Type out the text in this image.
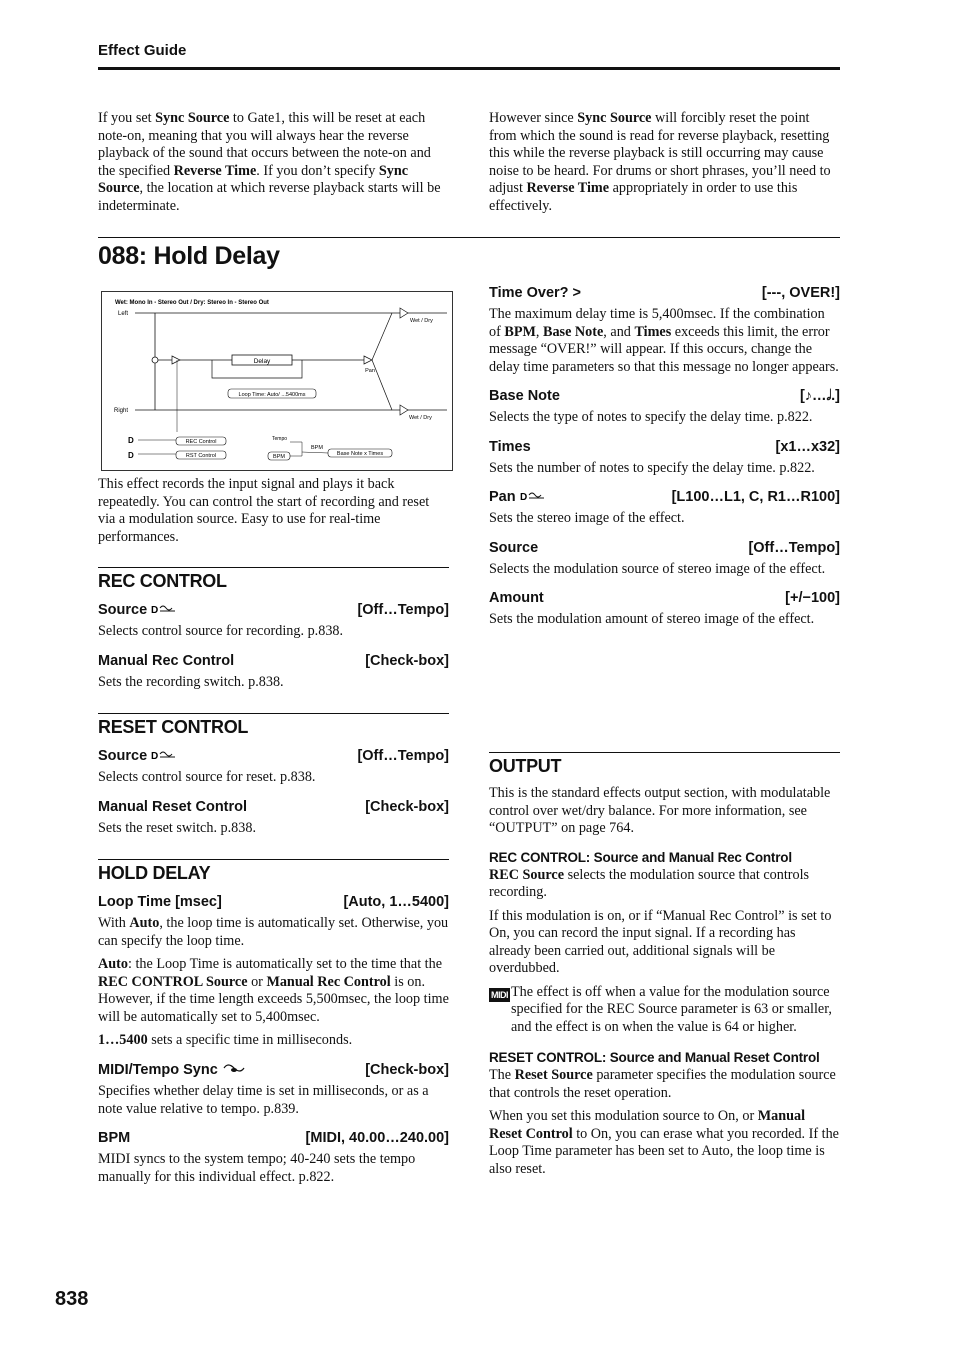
Effect Guide

If you set Sync Source to Gate1, this will be reset at each note-on, meaning that you will always hear the reverse playback of the sound that occurs between the note-on and the specified Reverse Time. If you don’t specify Sync Source, the location at which reverse playback starts will be indeterminate.

However since Sync Source will forcibly reset the point from which the sound is read for reverse playback, resetting this while the reverse playback is still occurring may cause noise to be heard. For drums or short phrases, you’ll need to adjust Reverse Time appropriately in order to use this effectively.

088: Hold Delay
Wet: Mono In - Stereo Out / Dry: Stereo In - Stereo Out
Left
Right
Delay
Loop Time: Auto/ ...5400ms
Pan
Wet / Dry
Wet / Dry
D
D
REC Control
RST Control
Tempo
BPM
BPM
Base Note x Times

This effect records the input signal and plays it back repeatedly. You can control the start of recording and reset via a modulation source. Easy to use for real-time performances.

REC CONTROL
Source D	[Off…Tempo]

Selects control source for recording. p.838.

Manual Rec Control	[Check-box]

Sets the recording switch. p.838.

RESET CONTROL
Source D	[Off…Tempo]

Selects control source for reset. p.838.

Manual Reset Control	[Check-box]

Sets the reset switch. p.838.

HOLD DELAY
Loop Time [msec]	[Auto, 1…5400]

With Auto, the loop time is automatically set. Otherwise, you can specify the loop time.

Auto: the Loop Time is automatically set to the time that the REC CONTROL Source or Manual Rec Control is on. However, if the time length exceeds 5,500msec, the loop time will be automatically set to 5,400msec.

1…5400 sets a specific time in milliseconds.

MIDI/Tempo Sync	[Check-box]

Specifies whether delay time is set in milliseconds, or as a note value relative to tempo. p.839.

BPM	[MIDI, 40.00…240.00]

MIDI syncs to the system tempo; 40-240 sets the tempo manually for this individual effect. p.822.

Time Over? >	[---, OVER!]

The maximum delay time is 5,400msec. If the combination of BPM, Base Note, and Times exceeds this limit, the error message “OVER!” will appear. If this occurs, change the delay time parameters so that this message no longer appears.

Base Note	[♪…𝅗𝅥.]

Selects the type of notes to specify the delay time. p.822.

Times	[x1…x32]

Sets the number of notes to specify the delay time. p.822.

Pan D	[L100…L1, C, R1…R100]

Sets the stereo image of the effect.

Source	[Off…Tempo]

Selects the modulation source of stereo image of the effect.

Amount	[+/−100]

Sets the modulation amount of stereo image of the effect.

OUTPUT

This is the standard effects output section, with modulatable control over wet/dry balance. For more information, see “OUTPUT” on page 764.

REC CONTROL: Source and Manual Rec Control

REC Source selects the modulation source that controls recording.

If this modulation is on, or if “Manual Rec Control” is set to On, you can record the input signal. If a recording has already been carried out, additional signals will be overdubbed.

MIDI The effect is off when a value for the modulation source specified for the REC Source parameter is 63 or smaller, and the effect is on when the value is 64 or higher.

RESET CONTROL: Source and Manual Reset Control

The Reset Source parameter specifies the modulation source that controls the reset operation.

When you set this modulation source to On, or Manual Reset Control to On, you can erase what you recorded. If the Loop Time parameter has been set to Auto, the loop time is also reset.

838
